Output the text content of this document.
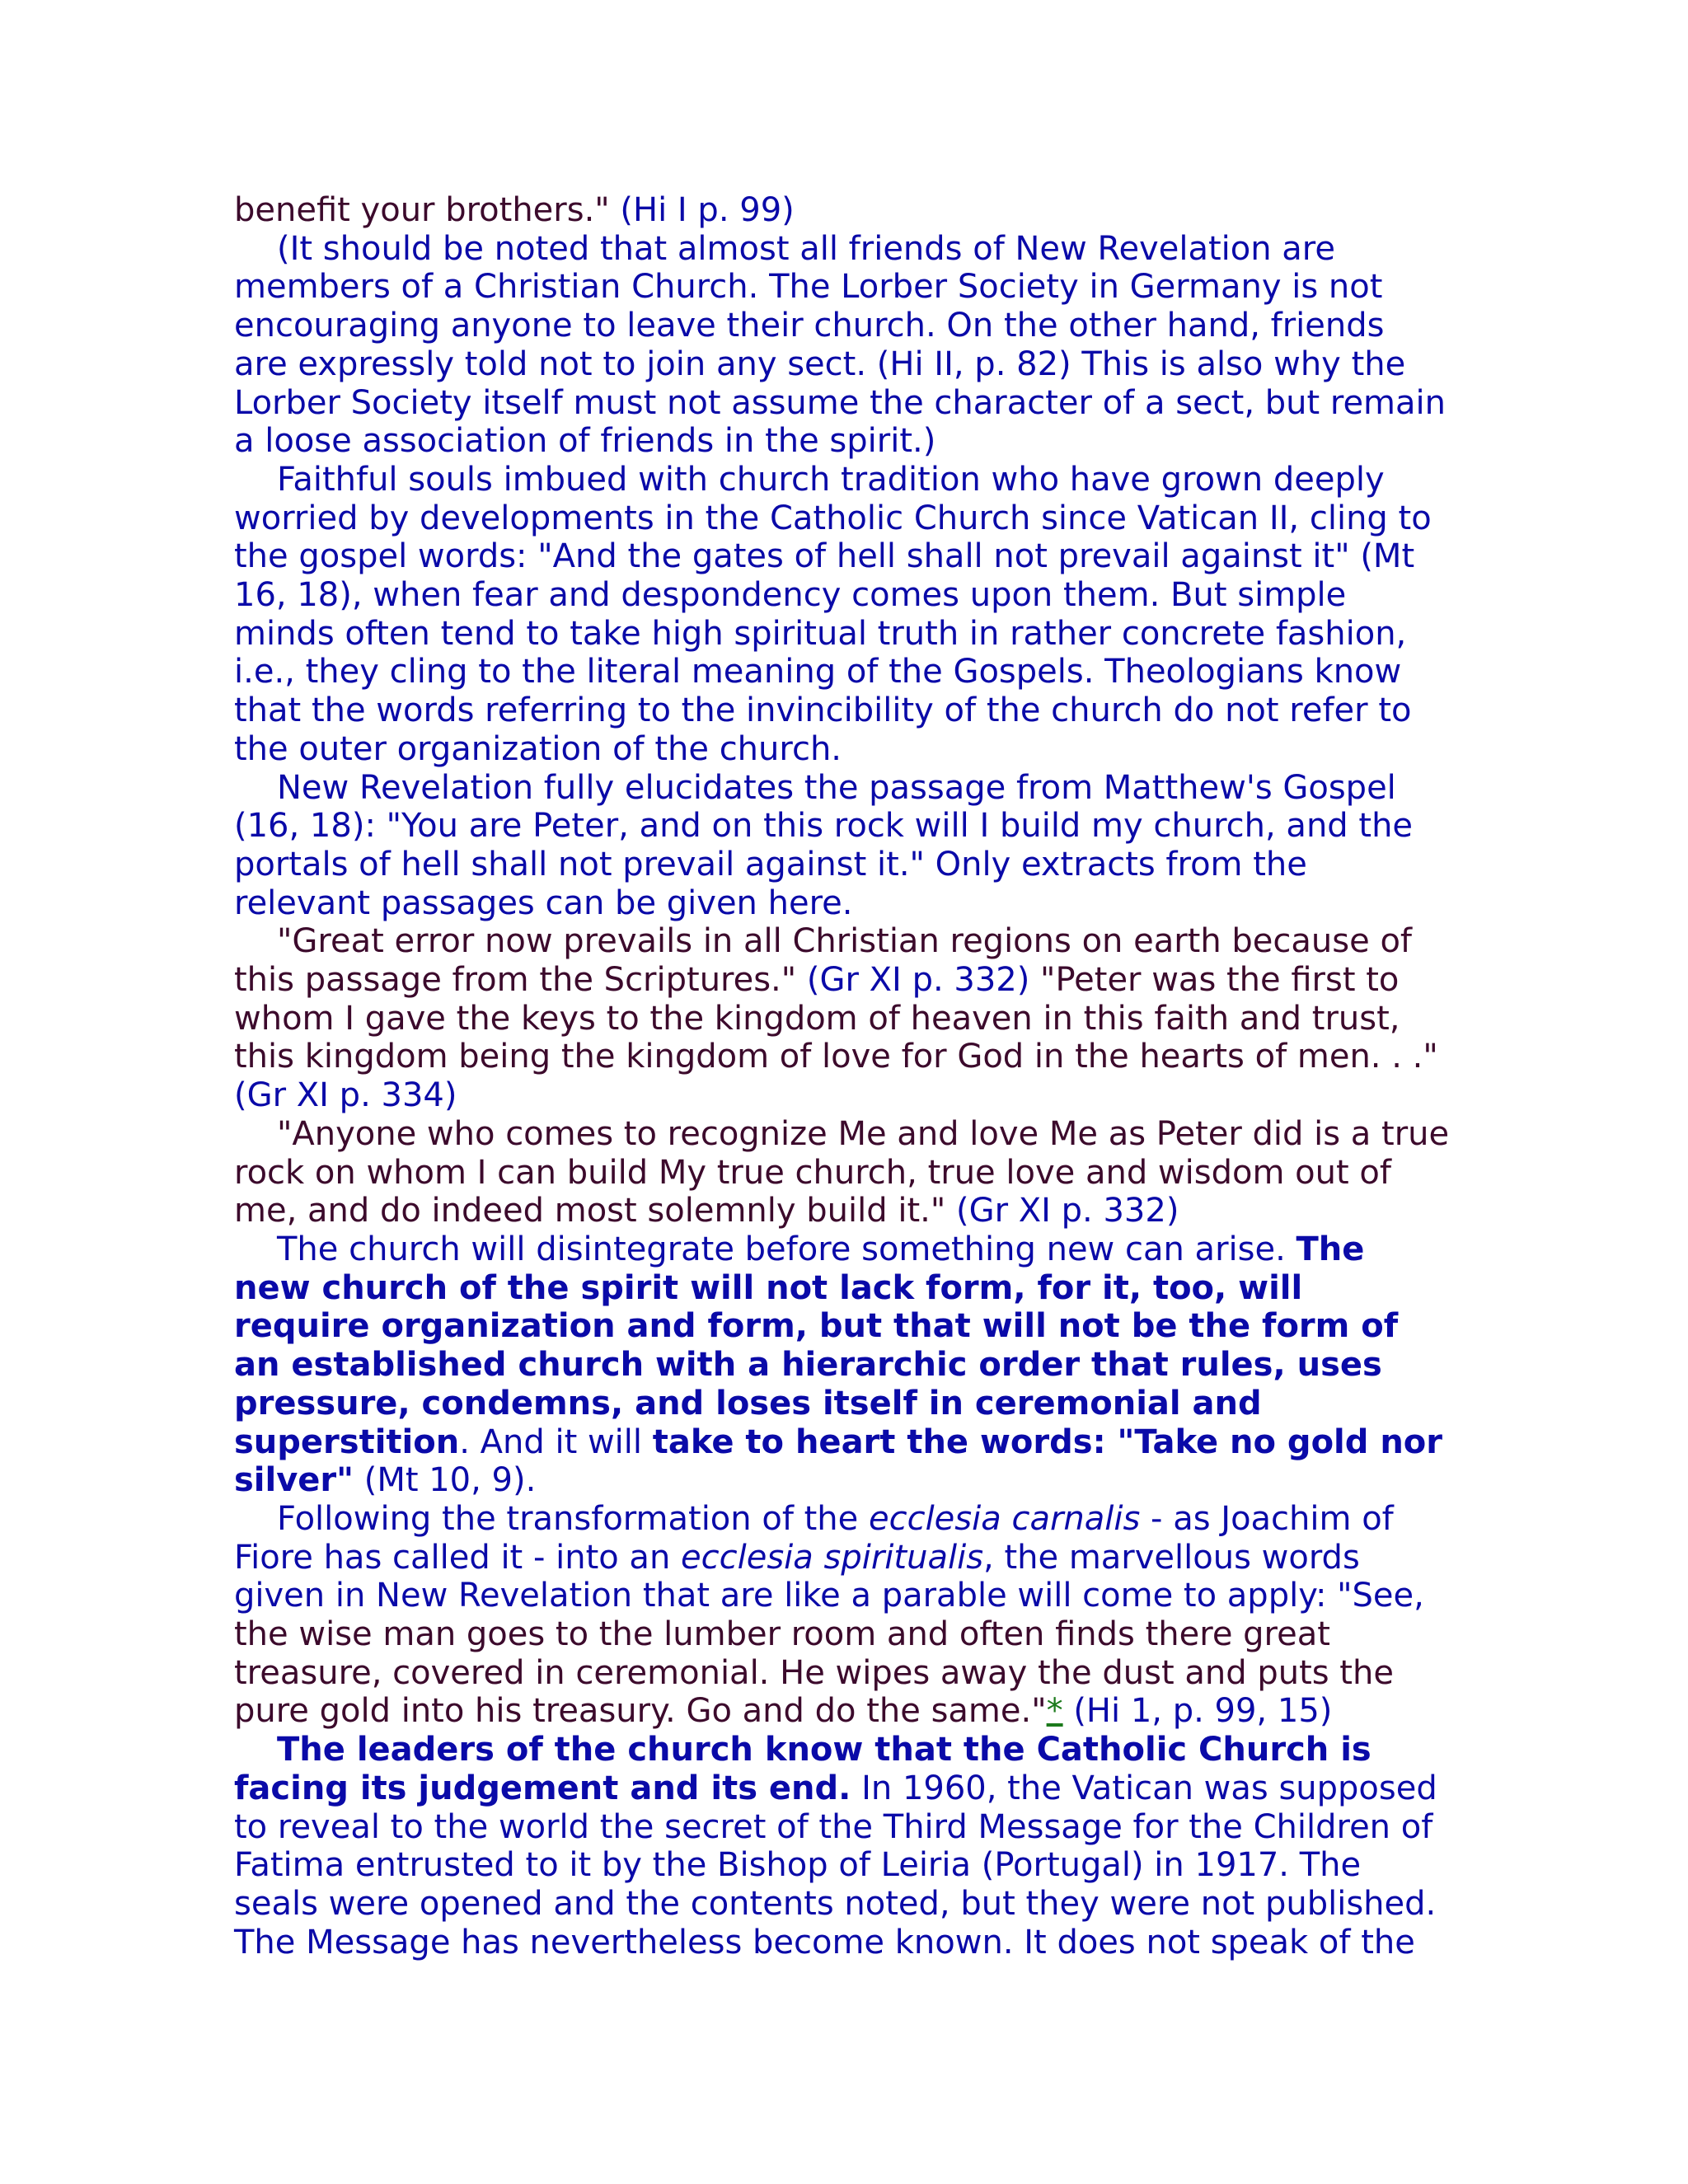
benefit your brothers." (Hi I p. 99)

(It should be noted that almost all friends of New Revelation are

members of a Christian Church. The Lorber Society in Germany is not

encouraging anyone to leave their church. On the other hand, friends

are expressly told not to join any sect. (Hi II, p. 82) This is also why the

Lorber Society itself must not assume the character of a sect, but remain

a loose association of friends in the spirit.)

Faithful souls imbued with church tradition who have grown deeply

worried by developments in the Catholic Church since Vatican II, cling to

the gospel words: "And the gates of hell shall not prevail against it" (Mt

16, 18), when fear and despondency comes upon them. But simple

minds often tend to take high spiritual truth in rather concrete fashion,

i.e., they cling to the literal meaning of the Gospels. Theologians know

that the words referring to the invincibility of the church do not refer to

the outer organization of the church.

New Revelation fully elucidates the passage from Matthew's Gospel

(16, 18): "You are Peter, and on this rock will I build my church, and the

portals of hell shall not prevail against it." Only extracts from the

relevant passages can be given here.

"Great error now prevails in all Christian regions on earth because of

this passage from the Scriptures." (Gr XI p. 332) "Peter was the first to

whom I gave the keys to the kingdom of heaven in this faith and trust,

this kingdom being the kingdom of love for God in the hearts of men. . ."

(Gr XI p. 334)

"Anyone who comes to recognize Me and love Me as Peter did is a true

rock on whom I can build My true church, true love and wisdom out of

me, and do indeed most solemnly build it." (Gr XI p. 332)

The church will disintegrate before something new can arise. The

new church of the spirit will not lack form, for it, too, will

require organization and form, but that will not be the form of

an established church with a hierarchic order that rules, uses

pressure, condemns, and loses itself in ceremonial and

superstition. And it will take to heart the words: "Take no gold nor

silver" (Mt 10, 9).

Following the transformation of the ecclesia carnalis - as Joachim of

Fiore has called it - into an ecclesia spiritualis, the marvellous words

given in New Revelation that are like a parable will come to apply: "See,

the wise man goes to the lumber room and often finds there great

treasure, covered in ceremonial. He wipes away the dust and puts the

pure gold into his treasury. Go and do the same."* (Hi 1, p. 99, 15)

The leaders of the church know that the Catholic Church is

facing its judgement and its end. In 1960, the Vatican was supposed

to reveal to the world the secret of the Third Message for the Children of

Fatima entrusted to it by the Bishop of Leiria (Portugal) in 1917. The

seals were opened and the contents noted, but they were not published.

The Message has nevertheless become known. It does not speak of the
